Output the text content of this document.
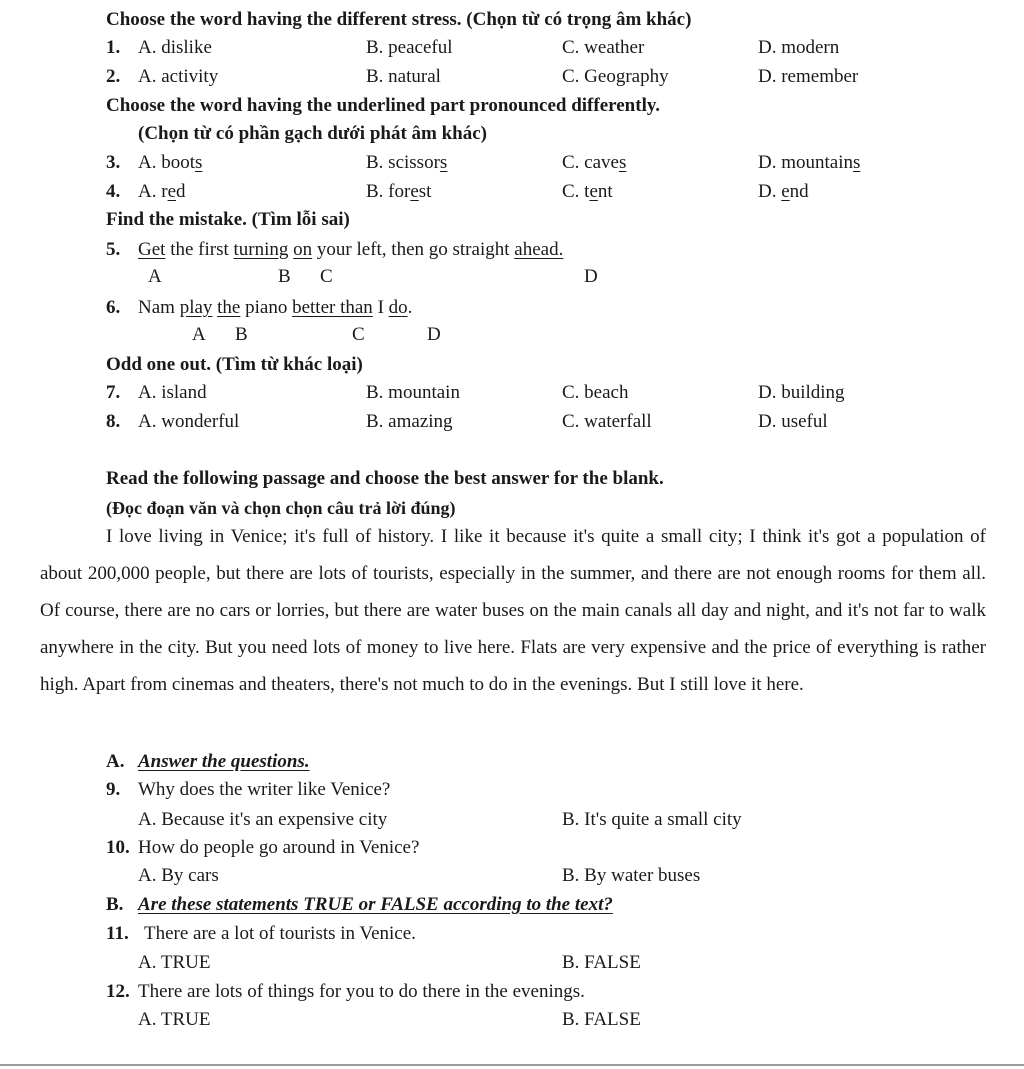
Choose the word having the different stress. (Chọn từ có trọng âm khác)
1. A. dislike	B. peaceful	C. weather	D. modern
2. A. activity	B. natural	C. Geography	D. remember
Choose the word having the underlined part pronounced differently.
(Chọn từ có phần gạch dưới phát âm khác)
3. A. boots	B. scissors	C. caves	D. mountains
4. A. red	B. forest	C. tent	D. end
Find the mistake. (Tìm lỗi sai)
5. Get the first turning on your left, then go straight ahead.
A	B C	D
6. Nam play the piano better than I do.
A B	C	D
Odd one out. (Tìm từ khác loại)
7. A. island	B. mountain	C. beach	D. building
8. A. wonderful	B. amazing	C. waterfall	D. useful
Read the following passage and choose the best answer for the blank.
(Đọc đoạn văn và chọn chọn câu trả lời đúng)

I love living in Venice; it's full of history. I like it because it's quite a small city; I think it's got a population of about 200,000 people, but there are lots of tourists, especially in the summer, and there are not enough rooms for them all. Of course, there are no cars or lorries, but there are water buses on the main canals all day and night, and it's not far to walk anywhere in the city. But you need lots of money to live here. Flats are very expensive and the price of everything is rather high. Apart from cinemas and theaters, there's not much to do in the evenings. But I still love it here.

A. Answer the questions.
9. Why does the writer like Venice?
A. Because it's an expensive city	B. It's quite a small city
10. How do people go around in Venice?
A. By cars	B. By water buses
B. Are these statements TRUE or FALSE according to the text?
11. There are a lot of tourists in Venice.
A. TRUE	B. FALSE
12. There are lots of things for you to do there in the evenings.
A. TRUE	B. FALSE
